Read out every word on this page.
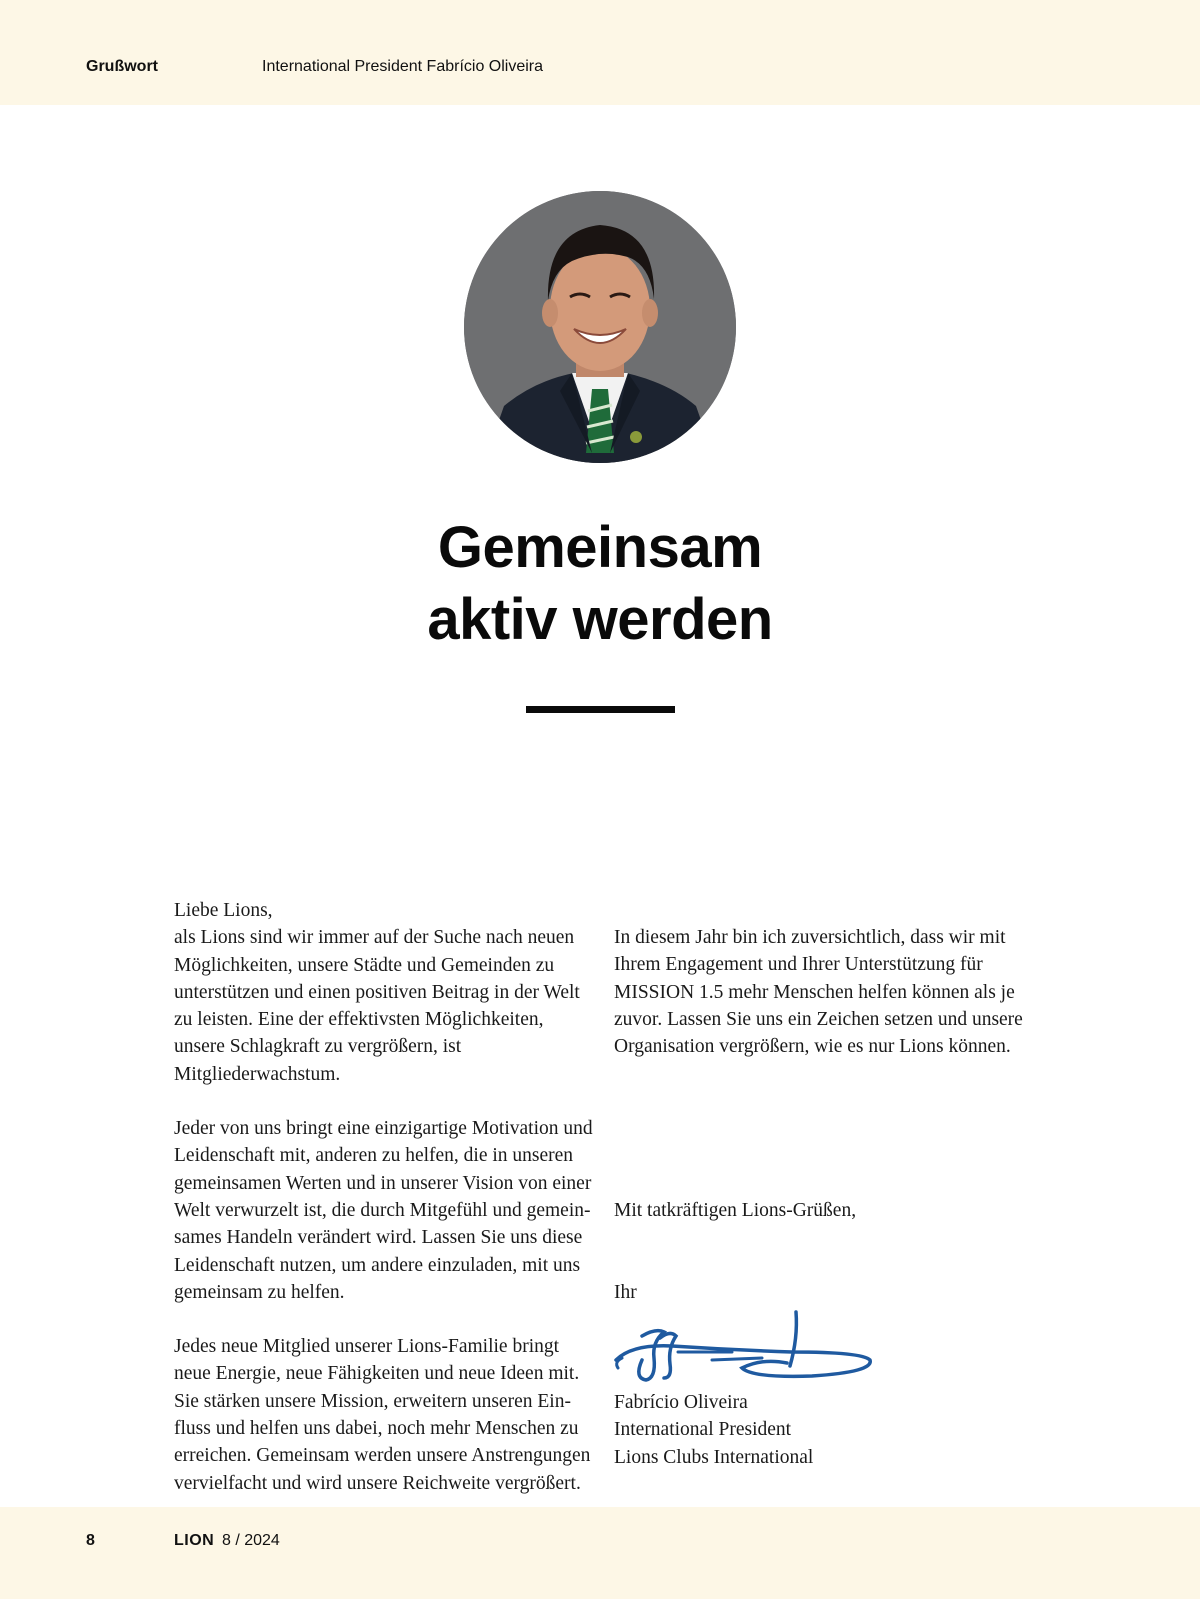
Grußwort	International President Fabrício Oliveira
Gemeinsam
aktiv werden

Liebe Lions,

als Lions sind wir immer auf der Suche nach neuen Möglichkeiten, unsere Städte und Gemeinden zu unterstützen und einen positiven Beitrag in der Welt zu leisten. Eine der effektivsten Möglichkeiten, unsere Schlagkraft zu vergrößern, ist Mitgliederwachstum.

Jeder von uns bringt eine einzigartige Motivation und Leidenschaft mit, anderen zu helfen, die in unseren gemeinsamen Werten und in unserer Vision von einer Welt verwurzelt ist, die durch Mitgefühl und gemeinsames Handeln verändert wird. Lassen Sie uns diese Leidenschaft nutzen, um andere einzuladen, mit uns gemeinsam zu helfen.

Jedes neue Mitglied unserer Lions-Familie bringt neue Energie, neue Fähigkeiten und neue Ideen mit. Sie stärken unsere Mission, erweitern unseren Einfluss und helfen uns dabei, noch mehr Menschen zu erreichen. Gemeinsam werden unsere Anstrengungen vervielfacht und wird unsere Reichweite vergrößert.

In diesem Jahr bin ich zuversichtlich, dass wir mit Ihrem Engagement und Ihrer Unterstützung für MISSION 1.5 mehr Menschen helfen können als je zuvor. Lassen Sie uns ein Zeichen setzen und unsere Organisation vergrößern, wie es nur Lions können.

Mit tatkräftigen Lions-Grüßen,
Ihr
Fabrício Oliveira
International President
Lions Clubs International
8	LION 8 / 2024
